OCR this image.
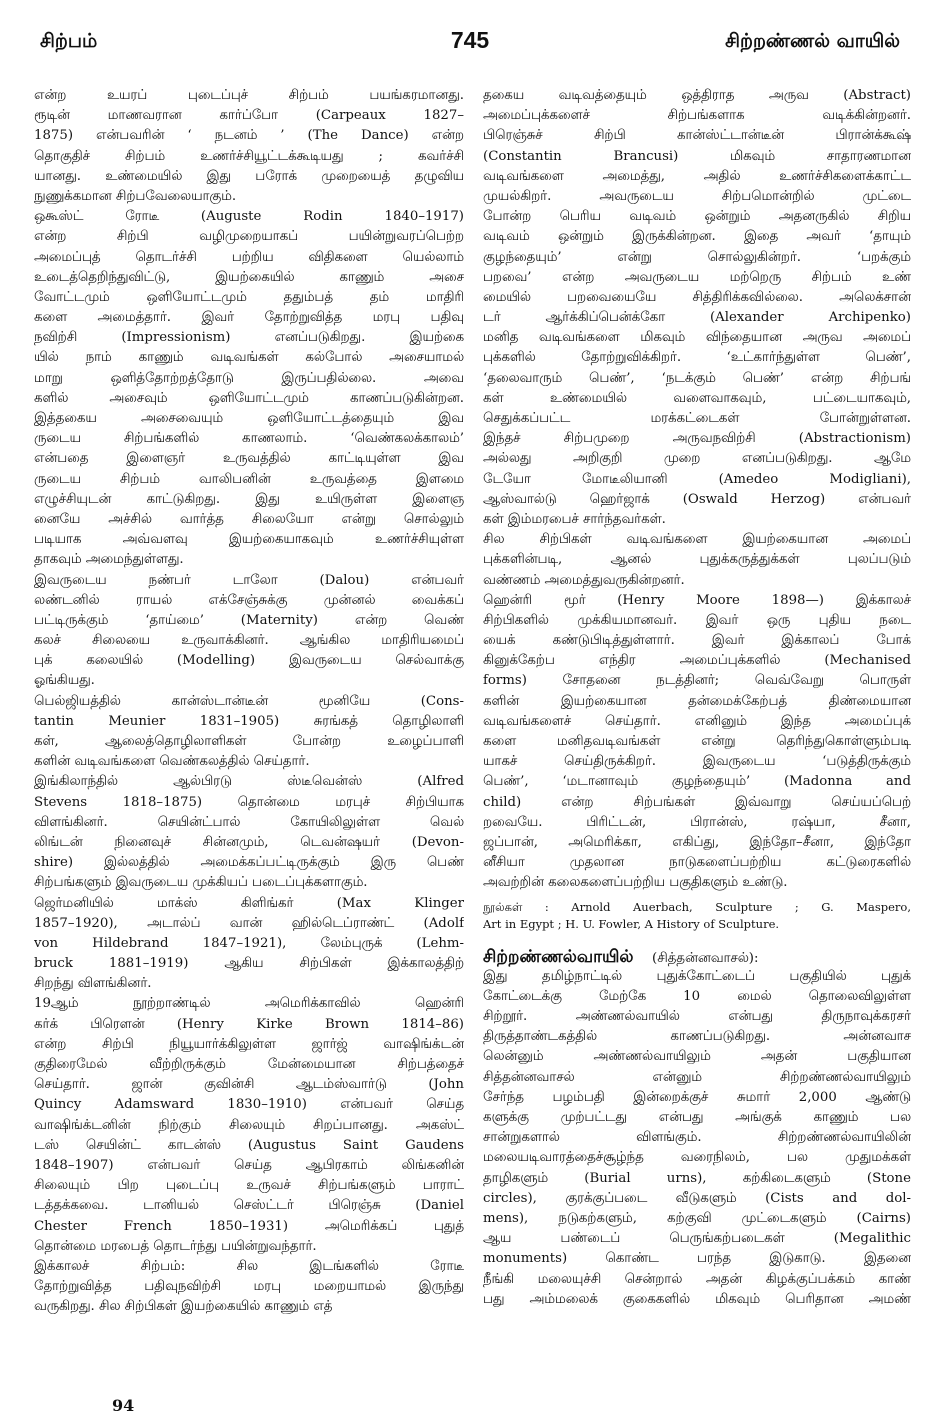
சிற்பம்	745	சிற்றண்ணல் வாயில்
என்ற உயரப் புடைப்புச் சிற்பம் பயங்கரமானது.
ரூடின் மாணவரான கார்ப்போ (Carpeaux 1827–
1875) என்பவரின் ‘ நடனம் ’ (The Dance) என்ற
தொகுதிச் சிற்பம் உணர்ச்சியூட்டக்கூடியது ; கவர்ச்சி
யானது. உண்மையில் இது பரோக் முறையைத் தழுவிய
நுணுக்கமான சிற்பவேலையாகும்.
ஒகூஸ்ட் ரோடீ (Auguste Rodin 1840–1917)
என்ற சிற்பி வழிமுறையாகப் பயின்றுவரப்பெற்ற
அமைப்புத் தொடர்ச்சி பற்றிய விதிகளை யெல்லாம்
உடைத்தெறிந்துவிட்டு, இயற்கையில் காணும் அசை
வோட்டமும் ஒளியோட்டமும் ததும்பத் தம் மாதிரி
களை அமைத்தார். இவர் தோற்றுவித்த மரபு பதிவு
நவிற்சி (Impressionism) எனப்படுகிறது. இயற்கை
யில் நாம் காணும் வடிவங்கள் கல்போல் அசையாமல்
மாறு ஒளித்தோற்றத்தோடு இருப்பதில்லை. அவை
களில் அசைவும் ஒளியோட்டமும் காணப்படுகின்றன.
இத்தகைய அசைவையும் ஒளியோட்டத்தையும் இவ
ருடைய சிற்பங்களில் காணலாம். ‘வெண்கலக்காலம்’
என்பதை இளைஞர் உருவத்தில் காட்டியுள்ள இவ
ருடைய சிற்பம் வாலிபனின் உருவத்தை இளமை
எழுச்சியுடன் காட்டுகிறது. இது உயிருள்ள இளைஞ
னையே அச்சில் வார்த்த சிலையோ என்று சொல்லும்
படியாக அவ்வளவு இயற்கையாகவும் உணர்ச்சியுள்ள
தாகவும் அமைந்துள்ளது.
இவருடைய நண்பர் டாலோ (Dalou) என்பவர்
லண்டனில் ராயல் எக்சேஞ்சுக்கு முன்னல் வைக்கப்
பட்டிருக்கும் ‘தாய்மை’ (Maternity) என்ற வெண்
கலச் சிலையை உருவாக்கினர். ஆங்கில மாதிரியமைப்
புக் கலையில் (Modelling) இவருடைய செல்வாக்கு
ஓங்கியது.
பெல்ஜியத்தில் கான்ஸ்டான்டீன் மூனியே (Cons-
tantin Meunier 1831–1905) சுரங்கத் தொழிலாளி
கள், ஆலைத்தொழிலாளிகள் போன்ற உழைப்பாளி
களின் வடிவங்களை வெண்கலத்தில் செய்தார்.
இங்கிலாந்தில் ஆல்பிரடு ஸ்டீவென்ஸ் (Alfred
Stevens 1818–1875) தொன்மை மரபுச் சிற்பியாக
விளங்கினர். செயின்ட்பால் கோயிலிலுள்ள வெல்
லிங்டன் நினைவுச் சின்னமும், டெவன்ஷயர் (Devon-
shire) இல்லத்தில் அமைக்கப்பட்டிருக்கும் இரு பெண்
சிற்பங்களும் இவருடைய முக்கியப் படைப்புக்களாகும்.
ஜெர்மனியில் மாக்ஸ் கிளிங்கர் (Max Klinger
1857–1920), அடால்ப் வான் ஹில்டெப்ராண்ட் (Adolf
von Hildebrand 1847–1921), லேம்புருக் (Lehm-
bruck 1881–1919) ஆகிய சிற்பிகள் இக்காலத்திற்
சிறந்து விளங்கினர்.
19ஆம் நூற்றாண்டில் அமெரிக்காவில் ஹென்ரி
கர்க் பிரௌன் (Henry Kirke Brown 1814–86)
என்ற சிற்பி நியூயார்க்கிலுள்ள ஜார்ஜ் வாஷிங்க்டன்
குதிரைமேல் வீற்றிருக்கும் மேன்மையான சிற்பத்தைச்
செய்தார். ஜான் குவின்சி ஆடம்ஸ்வார்டு (John
Quincy Adamsward 1830–1910) என்பவர் செய்த
வாஷிங்க்டனின் நிற்கும் சிலையும் சிறப்பானது. அகஸ்ட்
டஸ் செயின்ட் காடன்ஸ் (Augustus Saint Gaudens
1848–1907) என்பவர் செய்த ஆபிரகாம் லிங்கனின்
சிலையும் பிற புடைப்பு உருவச் சிற்பங்களும் பாராட்
டத்தக்கவை. டானியல் செஸ்ட்டர் பிரெஞ்சு (Daniel
Chester French 1850–1931) அமெரிக்கப் புதுத்
தொன்மை மரபைத் தொடர்ந்து பயின்றுவந்தார்.
இக்காலச் சிற்பம்: சில இடங்களில் ரோடீ
தோற்றுவித்த பதிவுநவிற்சி மரபு மறையாமல் இருந்து
வருகிறது. சில சிற்பிகள் இயற்கையில் காணும் எத்
தகைய வடிவத்தையும் ஒத்திராத அருவ (Abstract)
அமைப்புக்களைச் சிற்பங்களாக வடிக்கின்றனர்.
பிரெஞ்சுச் சிற்பி கான்ஸ்ட்டான்டீன் பிரான்க்கூஷ்
(Constantin Brancusi) மிகவும் சாதாரணமான
வடிவங்களை அமைத்து, அதில் உணர்ச்சிகளைக்காட்ட
முயல்கிறர். அவருடைய சிற்பமொன்றில் முட்டை
போன்ற பெரிய வடிவம் ஒன்றும் அதனருகில் சிறிய
வடிவம் ஒன்றும் இருக்கின்றன. இதை அவர் ‘தாயும்
குழந்தையும்’ என்று சொல்லுகின்றர். ‘பறக்கும்
பறவை’ என்ற அவருடைய மற்றெரு சிற்பம் உண்
மையில் பறவையையே சித்திரிக்கவில்லை. அலெக்சான்
டர் ஆர்க்கிப்பென்க்கோ (Alexander Archipenko)
மனித வடிவங்களை மிகவும் விந்தையான அருவ அமைப்
புக்களில் தோற்றுவிக்கிறர். ‘உட்கார்ந்துள்ள பெண்’,
‘தலைவாரும் பெண்’, ‘நடக்கும் பெண்’ என்ற சிற்பங்
கள் உண்மையில் வளைவாகவும், பட்டையாகவும்,
செதுக்கப்பட்ட மரக்கட்டைகள் போன்றுள்ளன.
இந்தச் சிற்பமுறை அருவநவிற்சி (Abstractionism)
அல்லது அறிகுறி முறை எனப்படுகிறது. ஆமே
டேயோ மோடீலியானி (Amedeo Modigliani),
ஆஸ்வால்டு ஹெர்ஜாக் (Oswald Herzog) என்பவர்
கள் இம்மரபைச் சார்ந்தவர்கள்.
சில சிற்பிகள் வடிவங்களை இயற்கையான அமைப்
புக்களின்படி, ஆனல் புதுக்கருத்துக்கள் புலப்படும்
வண்ணம் அமைத்துவருகின்றனர்.
ஹென்ரி மூர் (Henry Moore 1898—) இக்காலச்
சிற்பிகளில் முக்கியமானவர். இவர் ஒரு புதிய நடை
யைக் கண்டுபிடித்துள்ளார். இவர் இக்காலப் போக்
கினுக்கேற்ப எந்திர அமைப்புக்களில் (Mechanised
forms) சோதனை நடத்தினர்; வெவ்வேறு பொருள்
களின் இயற்கையான தன்மைக்கேற்பத் திண்மையான
வடிவங்களைச் செய்தார். எனினும் இந்த அமைப்புக்
களை மனிதவடிவங்கள் என்று தெரிந்துகொள்ளும்படி
யாகச் செய்திருக்கிறர். இவருடைய ‘படுத்திருக்கும்
பெண்’, ‘மடானாவும் குழந்தையும்’ (Madonna and
child) என்ற சிற்பங்கள் இவ்வாறு செய்யப்பெற்
றவையே. பிரிட்டன், பிரான்ஸ், ரஷ்யா, சீனா,
ஜப்பான், அமெரிக்கா, எகிப்து, இந்தோ–சீனா, இந்தோ
னீசியா முதலான நாடுகளைப்பற்றிய கட்டுரைகளில்
அவற்றின் கலைகளைப்பற்றிய பகுதிகளும் உண்டு.
நூல்கள் : Arnold Auerbach, Sculpture ; G. Maspero,
Art in Egypt ; H. U. Fowler, A History of Sculpture.
சிற்றண்ணல்வாயில் (சித்தன்னவாசல்):
இது தமிழ்நாட்டில் புதுக்கோட்டைப் பகுதியில் புதுக்
கோட்டைக்கு மேற்கே 10 மைல் தொலைவிலுள்ள
சிற்றூர். அண்ணல்வாயில் என்பது திருநாவுக்கரசர்
திருத்தாண்டகத்தில் காணப்படுகிறது. அன்னவாச
லென்னும் அண்ணல்வாயிலும் அதன் பகுதியான
சித்தன்னவாசல் என்னும் சிற்றண்ணல்வாயிலும்
சேர்ந்த பழம்பதி இன்றைக்குச் சுமார் 2,000 ஆண்டு
களுக்கு முற்பட்டது என்பது அங்குக் காணும் பல
சான்றுகளால் விளங்கும். சிற்றண்ணல்வாயிலின்
மலையடிவாரத்தைச்சூழ்ந்த வரைநிலம், பல முதுமக்கள்
தாழிகளும் (Burial urns), கற்கிடைகளும் (Stone
circles), குரக்குப்படை வீடுகளும் (Cists and dol-
mens), நடுகற்களும், கற்குவி முட்டைகளும் (Cairns)
ஆய பண்டைப் பெருங்கற்படைகள் (Megalithic
monuments) கொண்ட பரந்த இடுகாடு. இதனை
நீங்கி மலையுச்சி சென்றால் அதன் கிழக்குப்பக்கம் காண்
பது அம்மலைக் குகைகளில் மிகவும் பெரிதான அமண்
94
